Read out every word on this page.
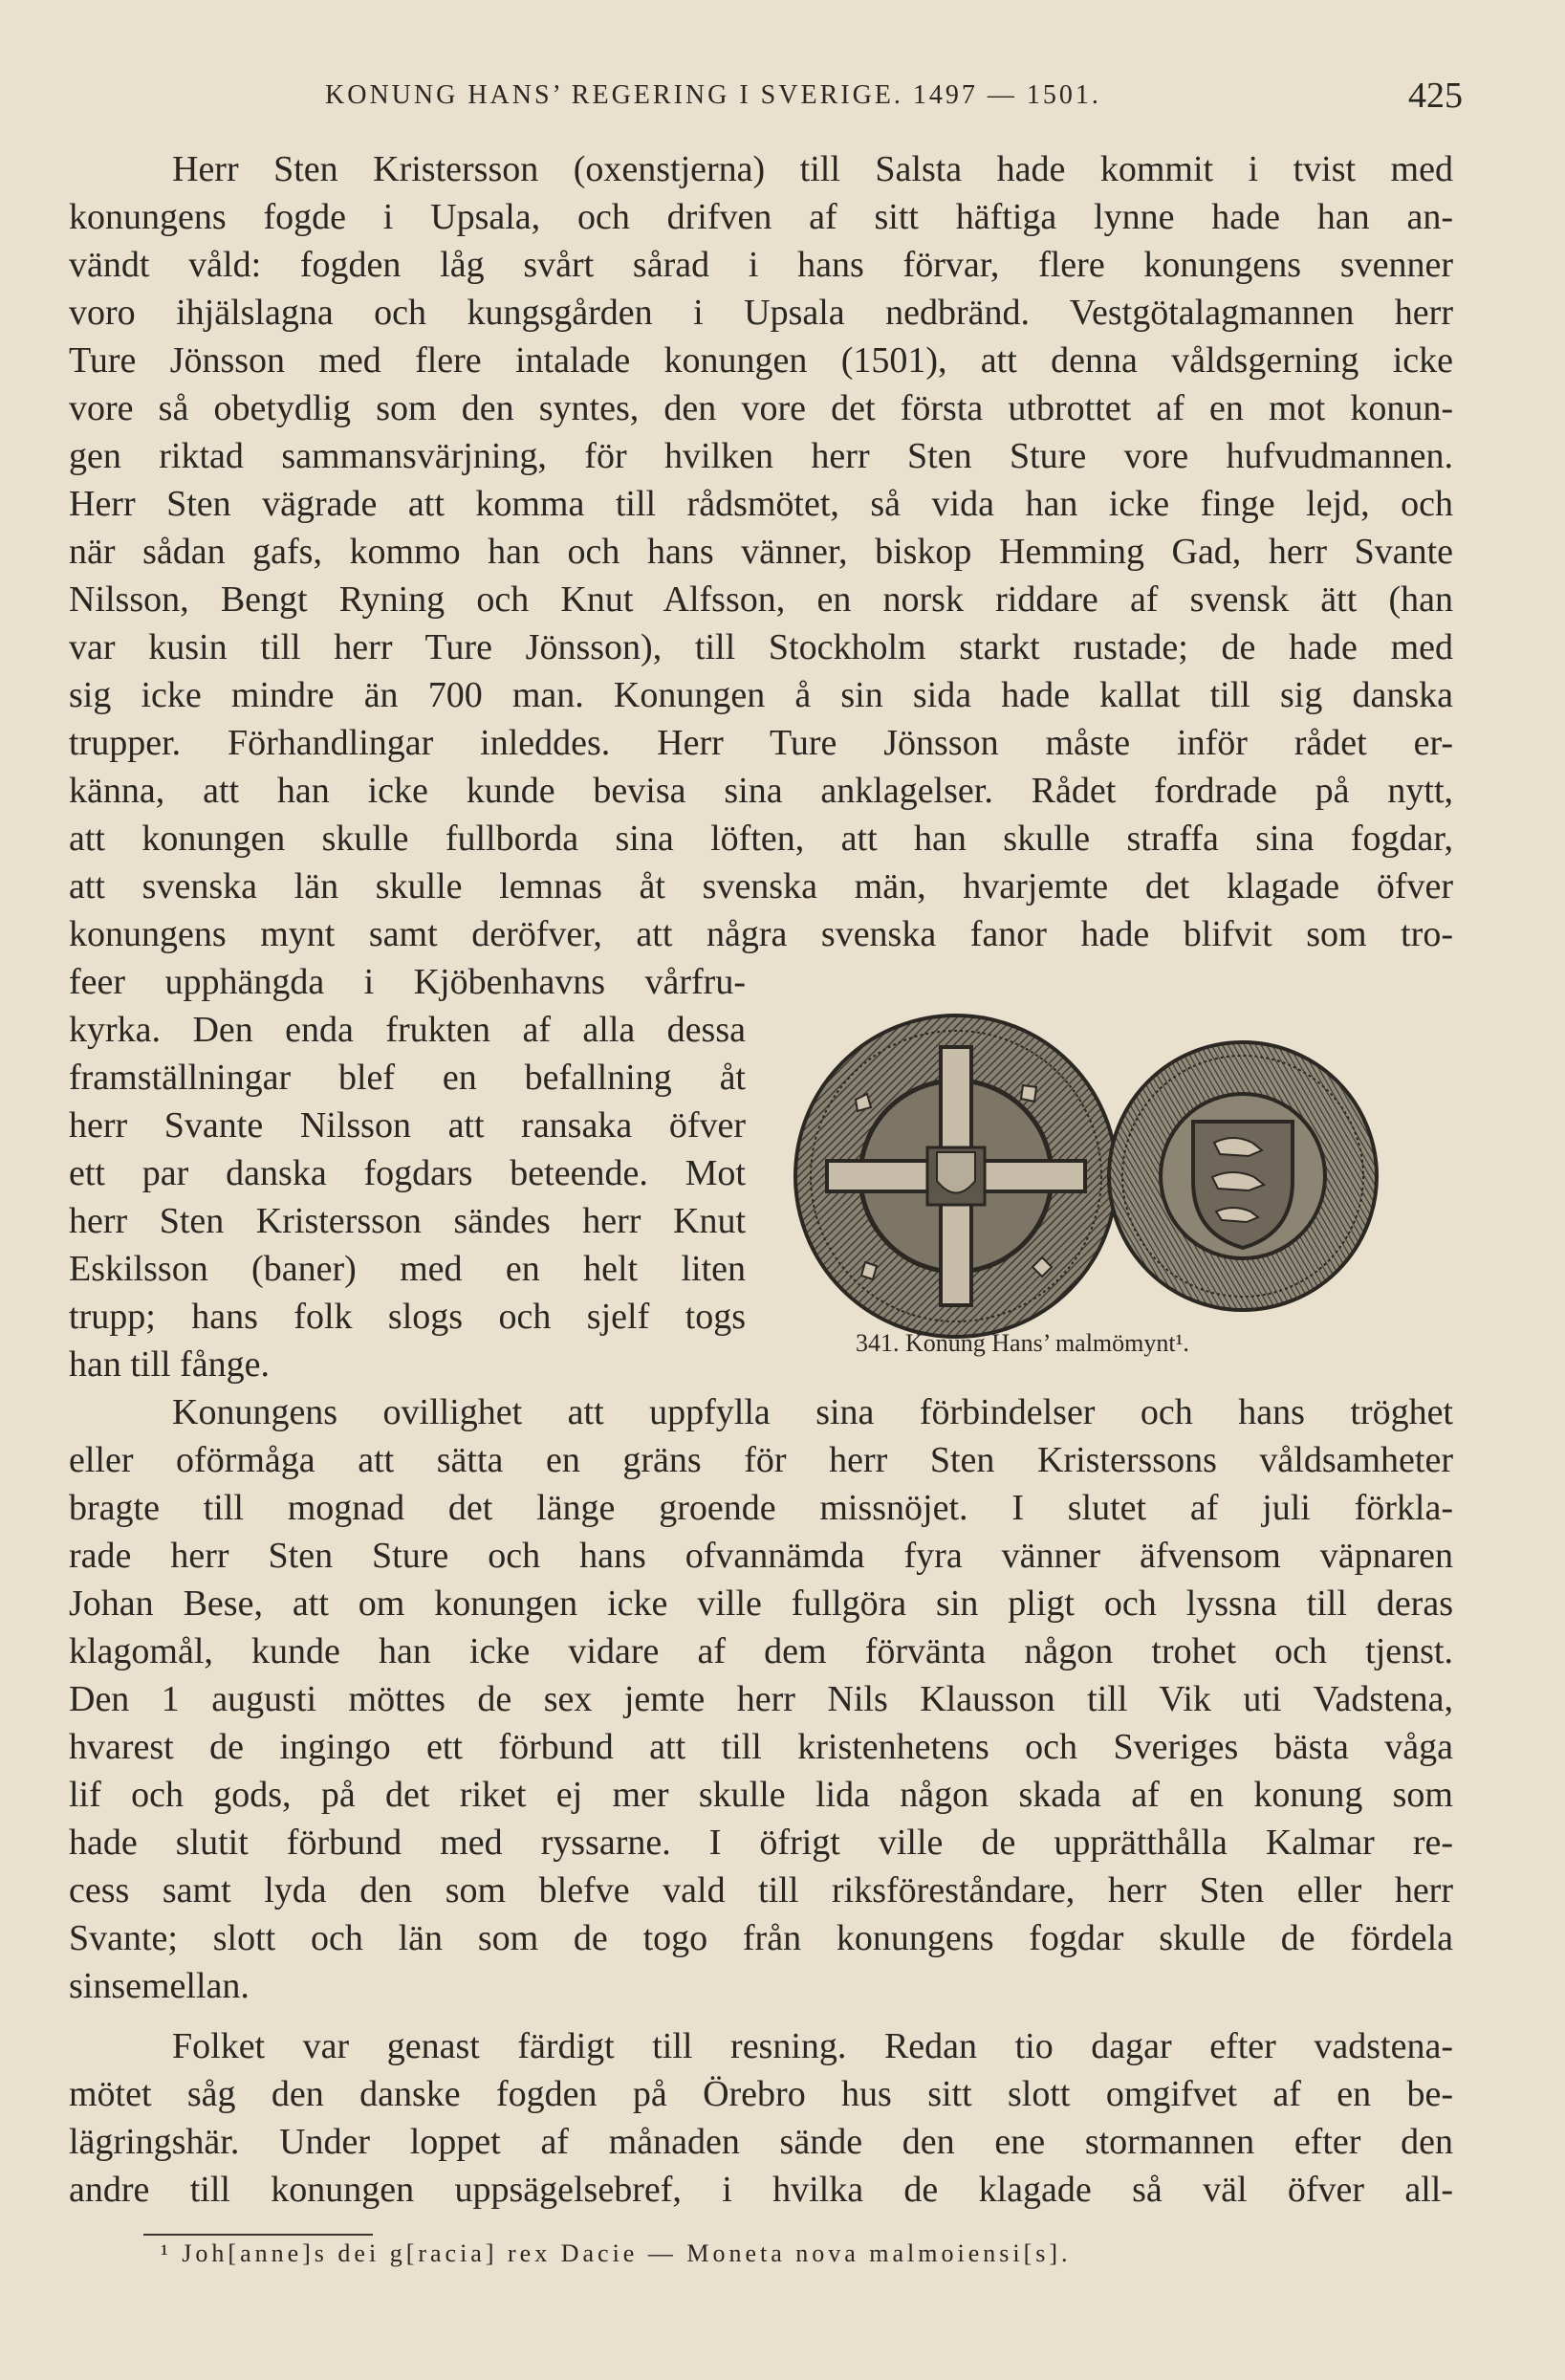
KONUNG HANS’ REGERING I SVERIGE. 1497 — 1501.	425
Herr Sten Kristersson (oxenstjerna) till Salsta hade kommit i tvist med
konungens fogde i Upsala, och drifven af sitt häftiga lynne hade han an-
vändt våld: fogden låg svårt sårad i hans förvar, flere konungens svenner
voro ihjälslagna och kungsgården i Upsala nedbränd. Vestgötalagmannen herr
Ture Jönsson med flere intalade konungen (1501), att denna våldsgerning icke
vore så obetydlig som den syntes, den vore det första utbrottet af en mot konun-
gen riktad sammansvärjning, för hvilken herr Sten Sture vore hufvudmannen.
Herr Sten vägrade att komma till rådsmötet, så vida han icke finge lejd, och
när sådan gafs, kommo han och hans vänner, biskop Hemming Gad, herr Svante
Nilsson, Bengt Ryning och Knut Alfsson, en norsk riddare af svensk ätt (han
var kusin till herr Ture Jönsson), till Stockholm starkt rustade; de hade med
sig icke mindre än 700 man. Konungen å sin sida hade kallat till sig danska
trupper. Förhandlingar inleddes. Herr Ture Jönsson måste inför rådet er-
känna, att han icke kunde bevisa sina anklagelser. Rådet fordrade på nytt,
att konungen skulle fullborda sina löften, att han skulle straffa sina fogdar,
att svenska län skulle lemnas åt svenska män, hvarjemte det klagade öfver
konungens mynt samt deröfver, att några svenska fanor hade blifvit som tro-
feer upphängda i Kjöbenhavns vårfru-
kyrka. Den enda frukten af alla dessa
framställningar blef en befallning åt
herr Svante Nilsson att ransaka öfver
ett par danska fogdars beteende. Mot
herr Sten Kristersson sändes herr Knut
Eskilsson (baner) med en helt liten
trupp; hans folk slogs och sjelf togs
han till fånge.
341. Konung Hans’ malmömynt¹.
Konungens ovillighet att uppfylla sina förbindelser och hans tröghet
eller oförmåga att sätta en gräns för herr Sten Kristerssons våldsamheter
bragte till mognad det länge groende missnöjet. I slutet af juli förkla-
rade herr Sten Sture och hans ofvannämda fyra vänner äfvensom väpnaren
Johan Bese, att om konungen icke ville fullgöra sin pligt och lyssna till deras
klagomål, kunde han icke vidare af dem förvänta någon trohet och tjenst.
Den 1 augusti möttes de sex jemte herr Nils Klausson till Vik uti Vadstena,
hvarest de ingingo ett förbund att till kristenhetens och Sveriges bästa våga
lif och gods, på det riket ej mer skulle lida någon skada af en konung som
hade slutit förbund med ryssarne. I öfrigt ville de upprätthålla Kalmar re-
cess samt lyda den som blefve vald till riksföreståndare, herr Sten eller herr
Svante; slott och län som de togo från konungens fogdar skulle de fördela
sinsemellan.
Folket var genast färdigt till resning. Redan tio dagar efter vadstena-
mötet såg den danske fogden på Örebro hus sitt slott omgifvet af en be-
lägringshär. Under loppet af månaden sände den ene stormannen efter den
andre till konungen uppsägelsebref, i hvilka de klagade så väl öfver all-
¹ Joh[anne]s dei g[racia] rex Dacie — Moneta nova malmoiensi[s].
